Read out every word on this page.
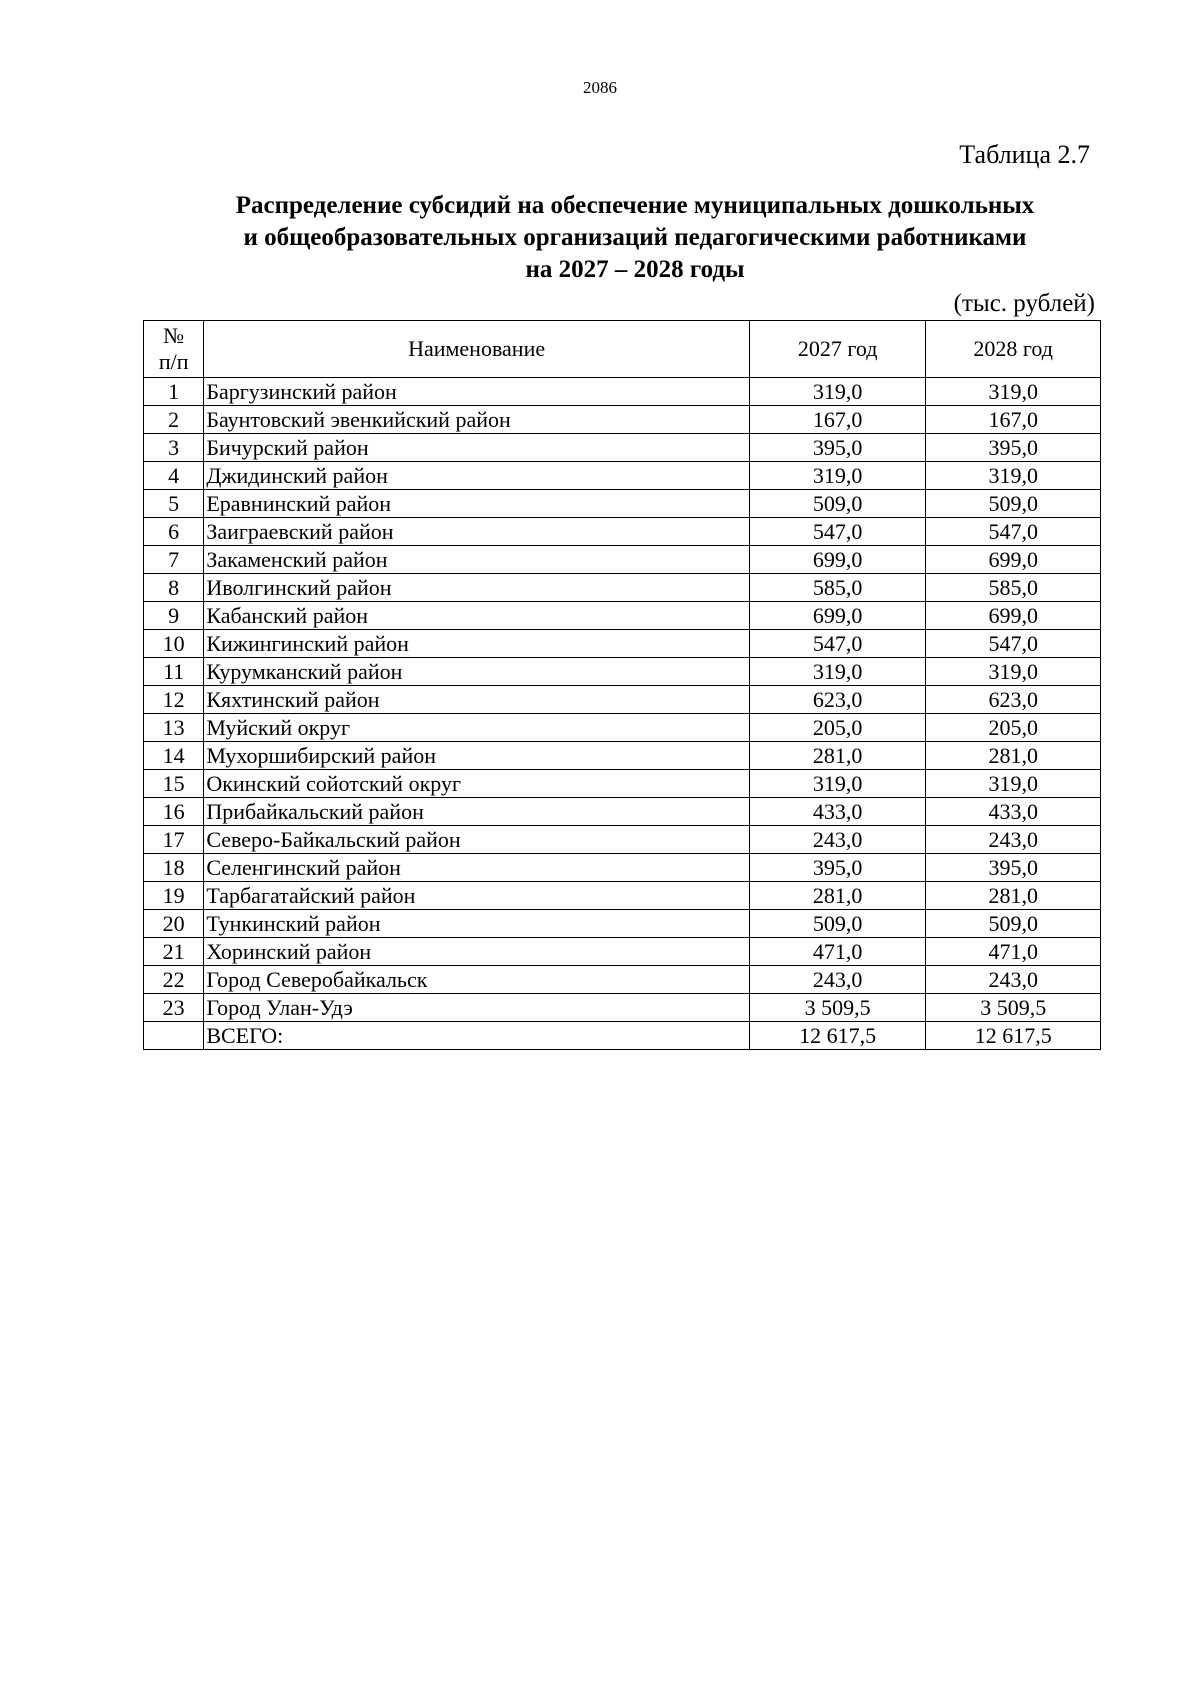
2086
Таблица 2.7
Распределение субсидий на обеспечение муниципальных дошкольных
и общеобразовательных организаций педагогическими работниками
на 2027 – 2028 годы
(тыс. рублей)
№
п/п	Наименование	2027 год	2028 год
1	Баргузинский район	319,0	319,0
2	Баунтовский эвенкийский район	167,0	167,0
3	Бичурский район	395,0	395,0
4	Джидинский район	319,0	319,0
5	Еравнинский район	509,0	509,0
6	Заиграевский район	547,0	547,0
7	Закаменский район	699,0	699,0
8	Иволгинский район	585,0	585,0
9	Кабанский район	699,0	699,0
10	Кижингинский район	547,0	547,0
11	Курумканский район	319,0	319,0
12	Кяхтинский район	623,0	623,0
13	Муйский округ	205,0	205,0
14	Мухоршибирский район	281,0	281,0
15	Окинский сойотский округ	319,0	319,0
16	Прибайкальский район	433,0	433,0
17	Северо-Байкальский район	243,0	243,0
18	Селенгинский район	395,0	395,0
19	Тарбагатайский район	281,0	281,0
20	Тункинский район	509,0	509,0
21	Хоринский район	471,0	471,0
22	Город Северобайкальск	243,0	243,0
23	Город Улан-Удэ	3 509,5	3 509,5
	ВСЕГО:	12 617,5	12 617,5
